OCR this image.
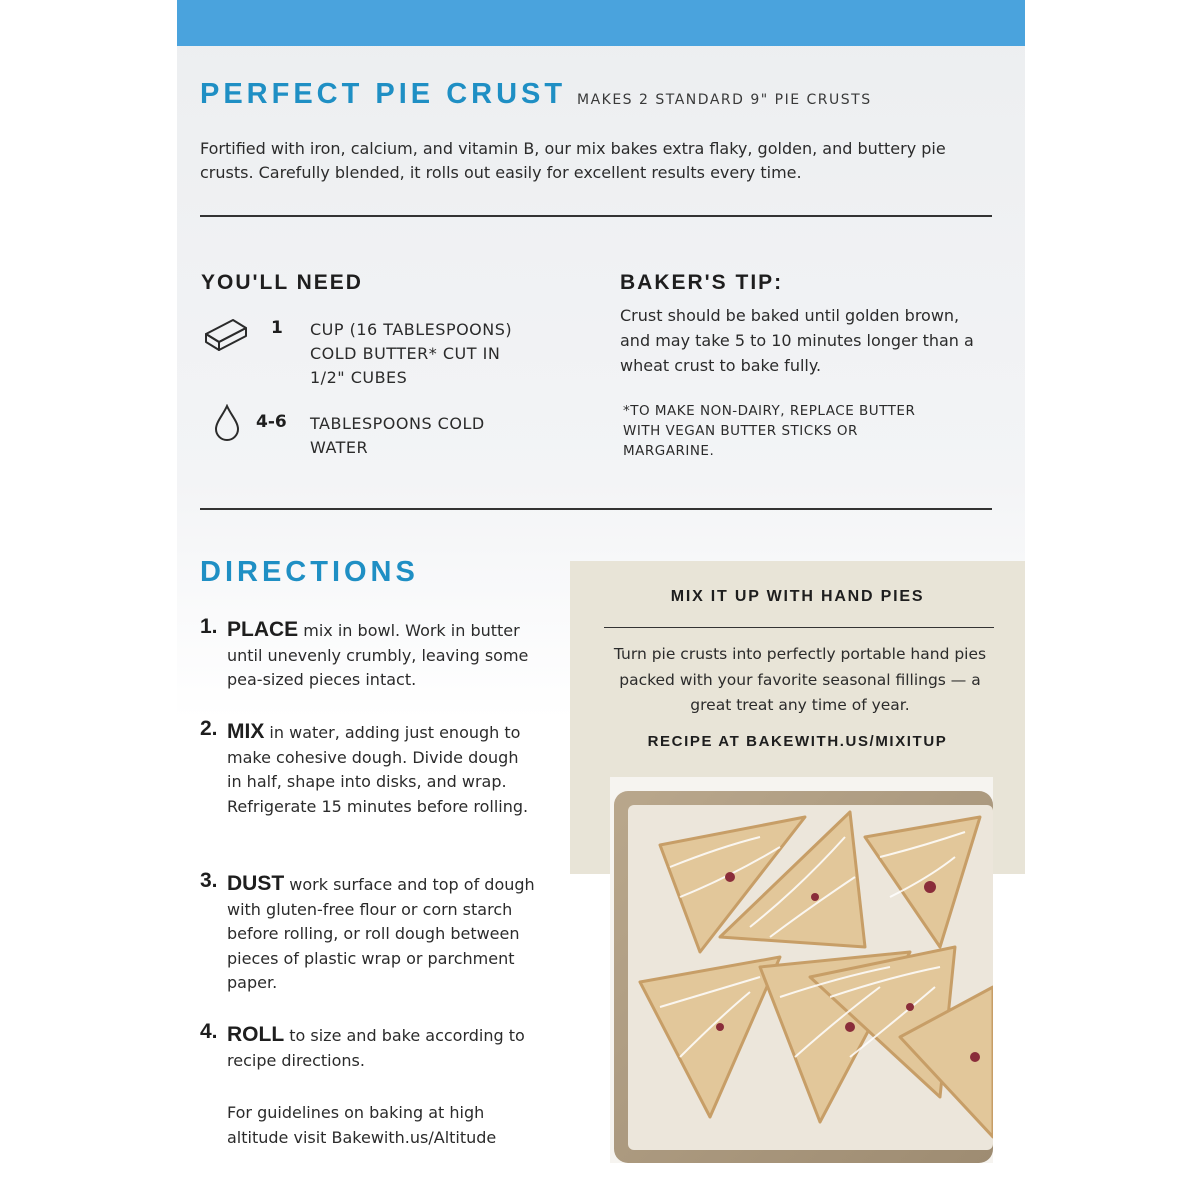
PERFECT PIE CRUST MAKES 2 STANDARD 9" PIE CRUSTS

Fortified with iron, calcium, and vitamin B, our mix bakes extra flaky, golden, and buttery pie crusts. Carefully blended, it rolls out easily for excellent results every time.

YOU'LL NEED
1 CUP (16 TABLESPOONS)
COLD BUTTER* CUT IN
1/2" CUBES
4-6 TABLESPOONS COLD
WATER
BAKER'S TIP:

Crust should be baked until golden brown, and may take 5 to 10 minutes longer than a wheat crust to bake fully.

*TO MAKE NON-DAIRY, REPLACE BUTTER WITH VEGAN BUTTER STICKS OR MARGARINE.

DIRECTIONS
1. PLACE mix in bowl. Work in butter until unevenly crumbly, leaving some pea-sized pieces intact.
2. MIX in water, adding just enough to make cohesive dough. Divide dough in half, shape into disks, and wrap. Refrigerate 15 minutes before rolling.
3. DUST work surface and top of dough with gluten-free flour or corn starch before rolling, or roll dough between pieces of plastic wrap or parchment paper.
4. ROLL to size and bake according to recipe directions.

For guidelines on baking at high altitude visit Bakewith.us/Altitude

MIX IT UP WITH HAND PIES

Turn pie crusts into perfectly portable hand pies packed with your favorite seasonal fillings — a great treat any time of year.

RECIPE AT BAKEWITH.US/MIXITUP
